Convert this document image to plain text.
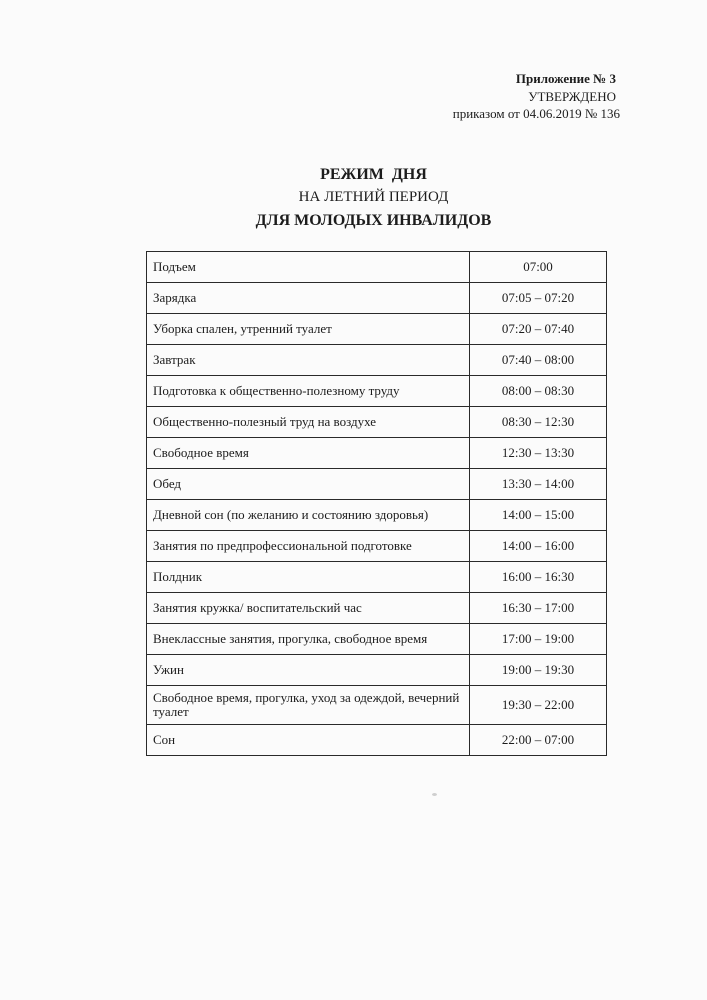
Приложение № 3
УТВЕРЖДЕНО
приказом от 04.06.2019 № 136
РЕЖИМ ДНЯ
НА ЛЕТНИЙ ПЕРИОД
ДЛЯ МОЛОДЫХ ИНВАЛИДОВ
Подъем	07:00
Зарядка	07:05 – 07:20
Уборка спален, утренний туалет	07:20 – 07:40
Завтрак	07:40 – 08:00
Подготовка к общественно-полезному труду	08:00 – 08:30
Общественно-полезный труд на воздухе	08:30 – 12:30
Свободное время	12:30 – 13:30
Обед	13:30 – 14:00
Дневной сон (по желанию и состоянию здоровья)	14:00 – 15:00
Занятия по предпрофессиональной подготовке	14:00 – 16:00
Полдник	16:00 – 16:30
Занятия кружка/ воспитательский час	16:30 – 17:00
Внеклассные занятия, прогулка, свободное время	17:00 – 19:00
Ужин	19:00 – 19:30
Свободное время, прогулка, уход за одеждой, вечерний туалет	19:30 – 22:00
Сон	22:00 – 07:00
